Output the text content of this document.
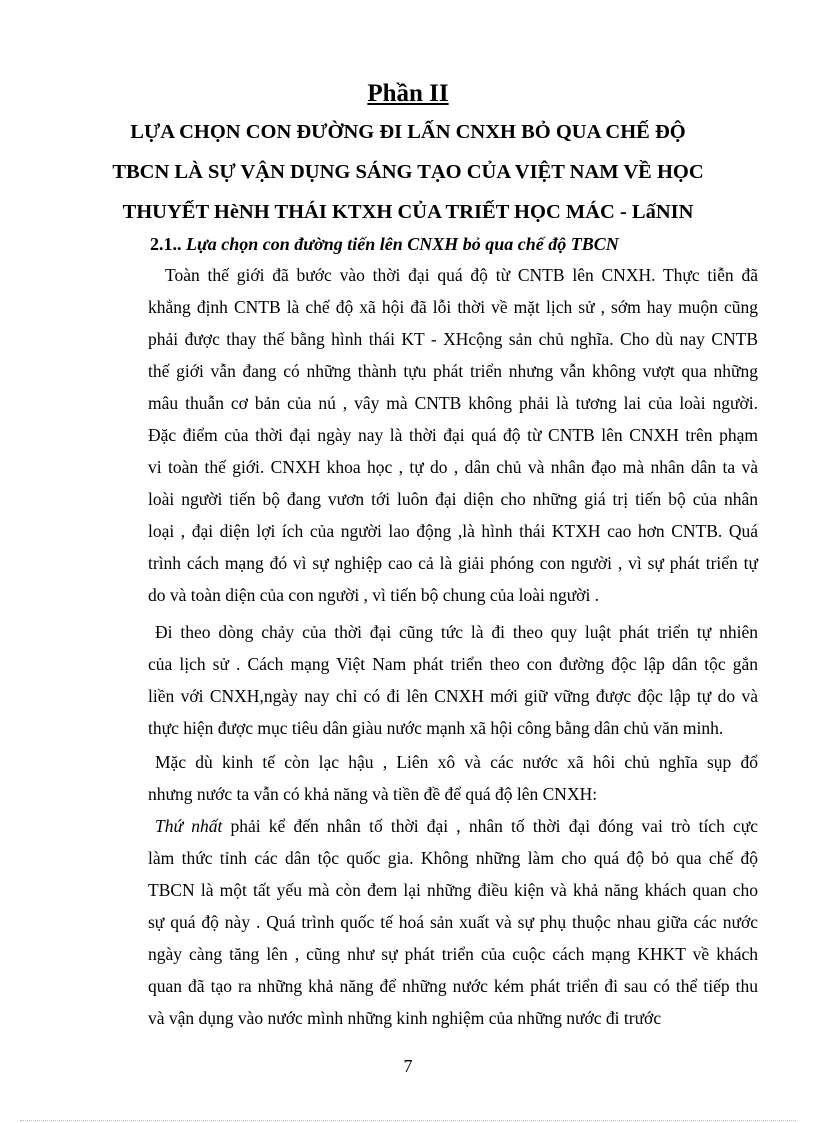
Phần II
LỰA CHỌN CON ĐƯỜNG ĐI LẤN CNXH BỎ QUA CHẾ ĐỘ
TBCN LÀ SỰ VẬN DỤNG SÁNG TẠO CỦA VIỆT NAM VỀ HỌC
THUYẾT HèNH THÁI KTXH CỦA TRIẾT HỌC MÁC - LấNIN
2.1.. Lựa chọn con đường tiến lên CNXH bỏ qua chế độ TBCN
Toàn thế giới đã bước vào thời đại quá độ từ CNTB lên CNXH. Thực tiễn đã
khẳng định CNTB là chế độ xã hội đã lỗi thời về mặt lịch sử , sớm hay muộn cũng
phải được thay thế bằng hình thái KT - XHcộng sản chủ nghĩa. Cho dù nay CNTB
thế giới vẫn đang có những thành tựu phát triển nhưng vẫn không vượt qua những
mâu thuẫn cơ bản của nú , vây mà CNTB không phải là tương lai của loài người.
Đặc điểm của thời đại ngày nay là thời đại quá độ từ CNTB lên CNXH trên phạm
vi toàn thế giới. CNXH khoa học , tự do , dân chủ và nhân đạo mà nhân dân ta và
loài người tiến bộ đang vươn tới luôn đại diện cho những giá trị tiến bộ của nhân
loại , đại diện lợi ích của người lao động ,là hình thái KTXH cao hơn CNTB. Quá
trình cách mạng đó vì sự nghiệp cao cả là giải phóng con người , vì sự phát triển tự
do và toàn diện của con người , vì tiến bộ chung của loài người .
Đi theo dòng chảy của thời đại cũng tức là đi theo quy luật phát triển tự nhiên
của lịch sử . Cách mạng Việt Nam phát triển theo con đường độc lập dân tộc gắn
liền với CNXH,ngày nay chỉ có đi lên CNXH mới giữ vững được độc lập tự do và
thực hiện được mục tiêu dân giàu nước mạnh xã hội công bằng dân chủ văn minh.
Mặc dù kinh tế còn lạc hậu , Liên xô và các nước xã hôi chủ nghĩa sụp đổ
nhưng nước ta vẫn có khả năng và tiền đề để quá độ lên CNXH:
Thứ nhất phải kể đến nhân tố thời đại , nhân tố thời đại đóng vai trò tích cực
làm thức tỉnh các dân tộc quốc gia. Không những làm cho quá độ bỏ qua chế độ
TBCN là một tất yếu mà còn đem lại những điều kiện và khả năng khách quan cho
sự quá độ này . Quá trình quốc tế hoá sản xuất và sự phụ thuộc nhau giữa các nước
ngày càng tăng lên , cũng như sự phát triển của cuộc cách mạng KHKT về khách
quan đã tạo ra những khả năng để những nước kém phát triển đi sau có thể tiếp thu
và vận dụng vào nước mình những kinh nghiệm của những nước đi trước
7
